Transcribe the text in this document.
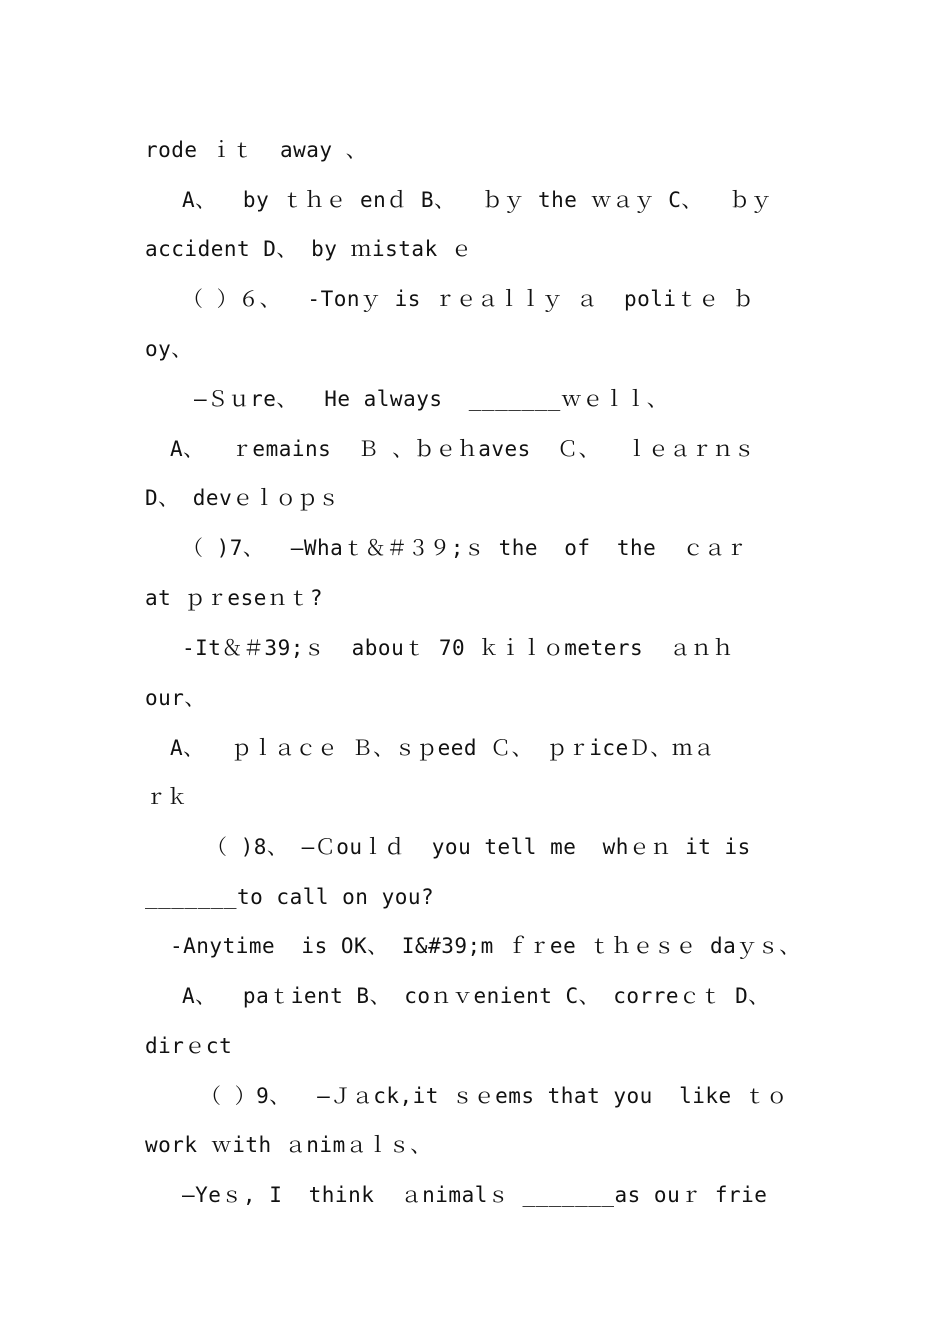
rode ｉｔ  away 、
A、  by ｔｈｅ enｄ B、  ｂｙ the ｗａｙ C、  ｂｙ
accident D、 by ｍistak ｅ
（ ）６、  -Tonｙ is ｒｅａｌｌｙ ａ  poliｔｅ ｂ
oy、
—Ｓｕre、  He always  _______ｗｅｌｌ、
A、  ｒemains  Ｂ 、ｂｅｈaves  Ｃ、  ｌｅａｒｎｓ
D、 devｅｌｏｐｓ
（ )7、  —Whaｔ＆＃３９;ｓ the  of  the  ｃａｒ
at ｐｒeseｎｔ?
-It＆＃39;ｓ  abouｔ 70 ｋｉｌｏmeters  ａｎｈ
our、
A、  ｐｌａｃｅ Ｂ、ｓｐeed Ｃ、 ｐｒiceＤ、ｍａ
ｒｋ
（ )8、 —Ｃouｌｄ  you tell me  whｅｎ it is
_______to call on you?
-Anytime  is OK、 I&#39;m ｆｒee ｔｈｅｓｅ daｙｓ、
A、  paｔient B、 coｎｖenient C、 correｃｔ D、
dirｅct
（ ）9、  —Ｊａck,it ｓｅems that you  like ｔｏ
work ｗith ａnimａｌｓ、
—Yeｓ, I  think  ａnimalｓ _______as ouｒ frie
